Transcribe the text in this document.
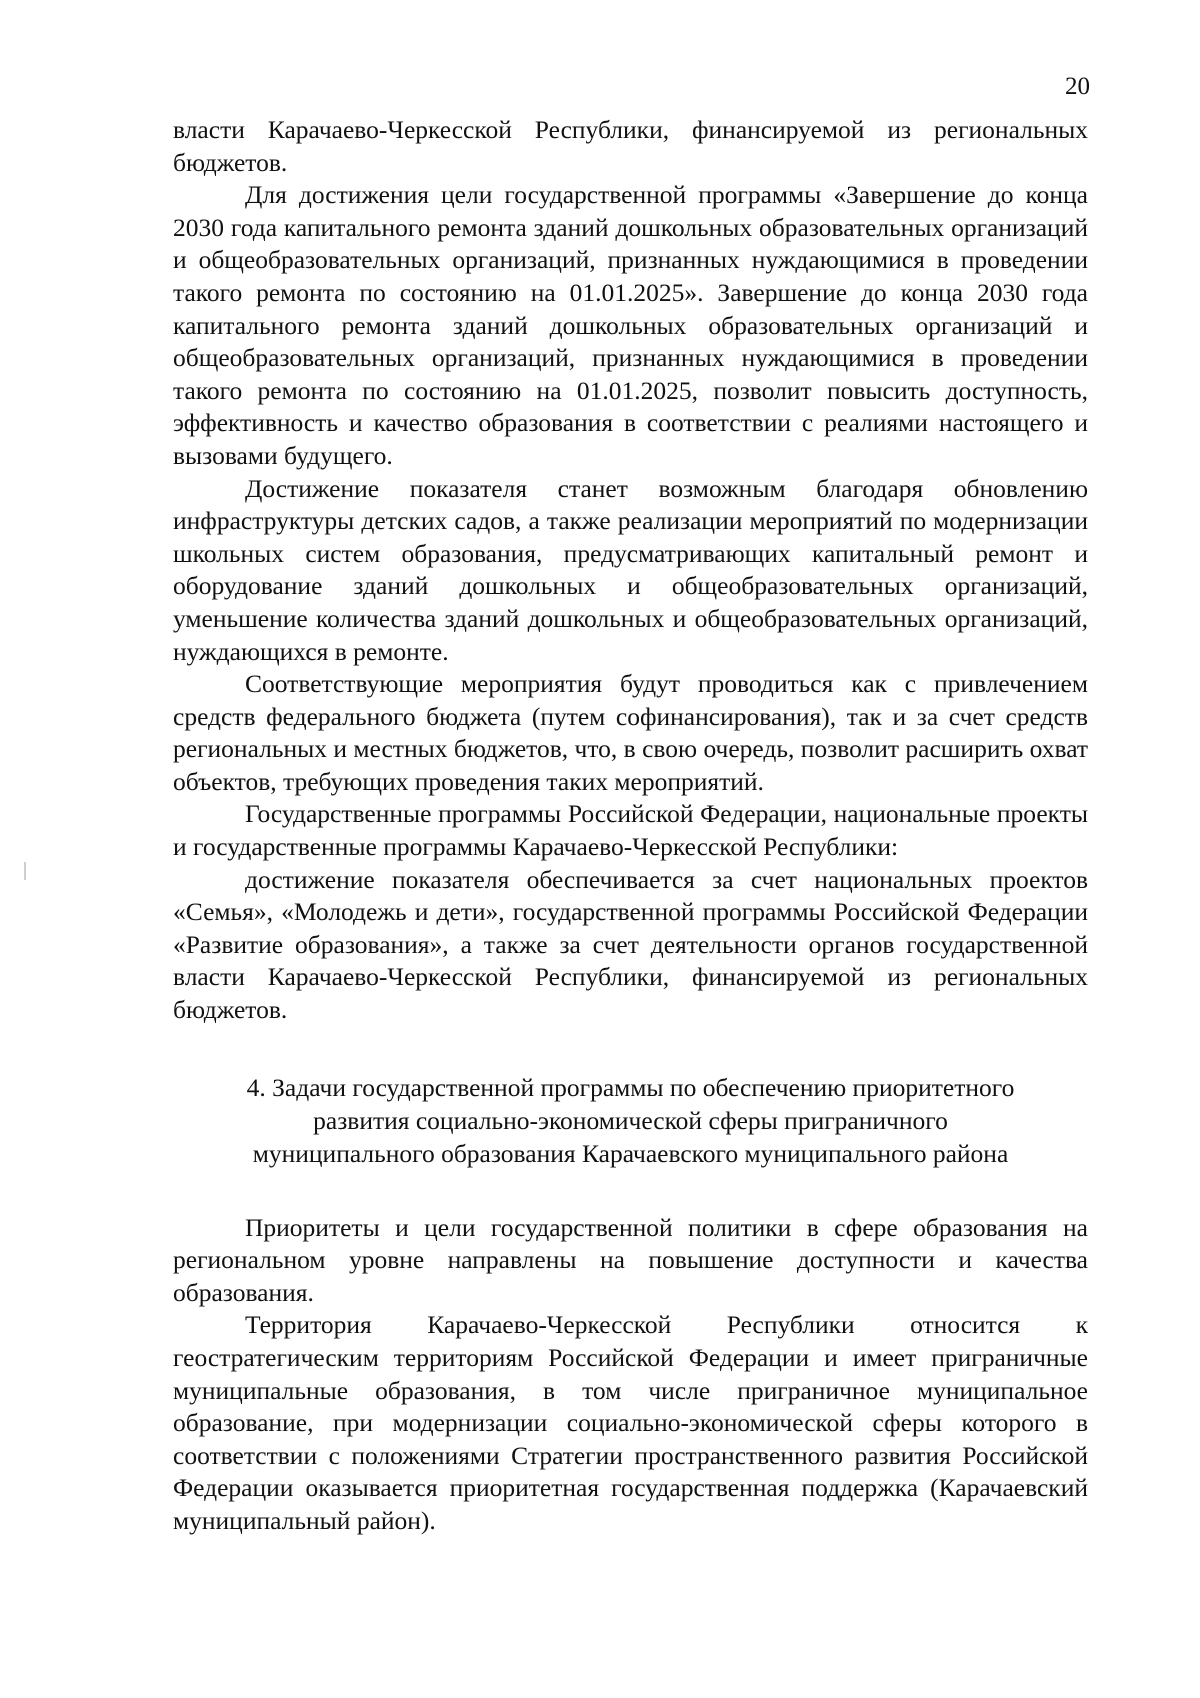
20

власти Карачаево-Черкесской Республики, финансируемой из региональных бюджетов.

Для достижения цели государственной программы «Завершение до конца 2030 года капитального ремонта зданий дошкольных образовательных организаций и общеобразовательных организаций, признанных нуждающимися в проведении такого ремонта по состоянию на 01.01.2025». Завершение до конца 2030 года капитального ремонта зданий дошкольных образовательных организаций и общеобразовательных организаций, признанных нуждающимися в проведении такого ремонта по состоянию на 01.01.2025, позволит повысить доступность, эффективность и качество образования в соответствии с реалиями настоящего и вызовами будущего.

Достижение показателя станет возможным благодаря обновлению инфраструктуры детских садов, а также реализации мероприятий по модернизации школьных систем образования, предусматривающих капитальный ремонт и оборудование зданий дошкольных и общеобразовательных организаций, уменьшение количества зданий дошкольных и общеобразовательных организаций, нуждающихся в ремонте.

Соответствующие мероприятия будут проводиться как с привлечением средств федерального бюджета (путем софинансирования), так и за счет средств региональных и местных бюджетов, что, в свою очередь, позволит расширить охват объектов, требующих проведения таких мероприятий.

Государственные программы Российской Федерации, национальные проекты и государственные программы Карачаево-Черкесской Республики:

достижение показателя обеспечивается за счет национальных проектов «Семья», «Молодежь и дети», государственной программы Российской Федерации «Развитие образования», а также за счет деятельности органов государственной власти Карачаево-Черкесской Республики, финансируемой из региональных бюджетов.

4. Задачи государственной программы по обеспечению приоритетного
развития социально-экономической сферы приграничного
муниципального образования Карачаевского муниципального района

Приоритеты и цели государственной политики в сфере образования на региональном уровне направлены на повышение доступности и качества образования.

Территория Карачаево-Черкесской Республики относится к геостратегическим территориям Российской Федерации и имеет приграничные муниципальные образования, в том числе приграничное муниципальное образование, при модернизации социально-экономической сферы которого в соответствии с положениями Стратегии пространственного развития Российской Федерации оказывается приоритетная государственная поддержка (Карачаевский муниципальный район).
